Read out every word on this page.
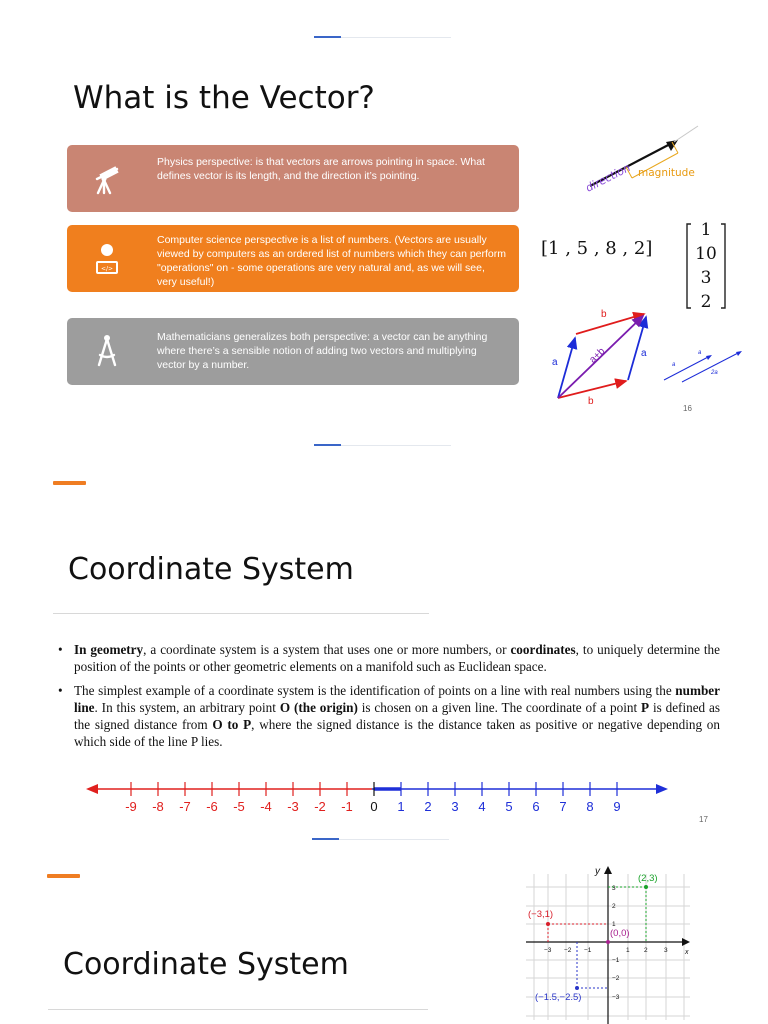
What is the Vector?
Physics perspective: is that vectors are arrows pointing in space. What defines vector is its length, and the direction it’s pointing.
</>
Computer science perspective is a list of numbers. (Vectors are usually viewed by computers as an ordered list of numbers which they can perform "operations" on - some operations are very natural and, as we will see, very useful!)
Mathematicians generalizes both perspective: a vector can be anything where there’s a sensible notion of adding two vectors and multiplying vector by a number.
direction magnitude
[1 , 5 , 8 , 2]
1
10
3
2
b
a
a
b
a+b	a
a
2a
16
Coordinate System
• In geometry, a coordinate system is a system that uses one or more numbers, or coordinates, to uniquely determine the position of the points or other geometric elements on a manifold such as Euclidean space.
• The simplest example of a coordinate system is the identification of points on a line with real numbers using the number line. In this system, an arbitrary point O (the origin) is chosen on a given line. The coordinate of a point P is defined as the signed distance from O to P, where the signed distance is the distance taken as positive or negative depending on which side of the line P lies.
-9	-8	-7	-6	-5	-4	-3	-2	-1	0	1	2	3	4	5	6	7	8	9
17
Coordinate System
y
x
−3 −2 −1	1 2	3
3
2
1
−1
−2
−3
(2,3)
(−3,1)
(0,0)
(−1.5,−2.5)
